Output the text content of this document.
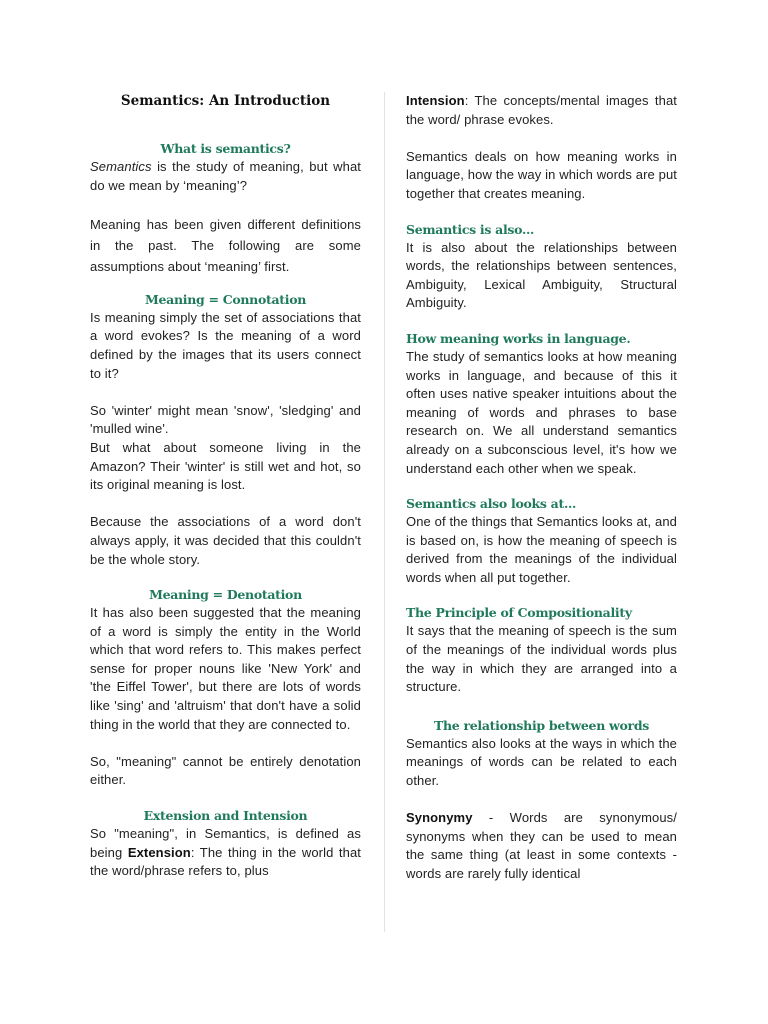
Semantics: An Introduction
What is semantics?

Semantics is the study of meaning, but what do we mean by ‘meaning’?

Meaning has been given different definitions in the past. The following are some assumptions about ‘meaning’ first.

Meaning = Connotation

Is meaning simply the set of associations that a word evokes? Is the meaning of a word defined by the images that its users connect to it?

So 'winter' might mean 'snow', 'sledging' and 'mulled wine'.

But what about someone living in the Amazon? Their 'winter' is still wet and hot, so its original meaning is lost.

Because the associations of a word don't always apply, it was decided that this couldn't be the whole story.

Meaning = Denotation

It has also been suggested that the meaning of a word is simply the entity in the World which that word refers to. This makes perfect sense for proper nouns like 'New York' and 'the Eiffel Tower', but there are lots of words like 'sing' and 'altruism' that don't have a solid thing in the world that they are connected to.

So, "meaning" cannot be entirely denotation either.

Extension and Intension

So "meaning", in Semantics, is defined as being Extension: The thing in the world that the word/phrase refers to, plus

Intension: The concepts/mental images that the word/ phrase evokes.

Semantics deals on how meaning works in language, how the way in which words are put together that creates meaning.

Semantics is also...

It is also about the relationships between words, the relationships between sentences, Ambiguity, Lexical Ambiguity, Structural Ambiguity.

How meaning works in language.

The study of semantics looks at how meaning works in language, and because of this it often uses native speaker intuitions about the meaning of words and phrases to base research on. We all understand semantics already on a subconscious level, it's how we understand each other when we speak.

Semantics also looks at...

One of the things that Semantics looks at, and is based on, is how the meaning of speech is derived from the meanings of the individual words when all put together.

The Principle of Compositionality

It says that the meaning of speech is the sum of the meanings of the individual words plus the way in which they are arranged into a structure.

The relationship between words

Semantics also looks at the ways in which the meanings of words can be related to each other.

Synonymy - Words are synonymous/ synonyms when they can be used to mean the same thing (at least in some contexts - words are rarely fully identical
